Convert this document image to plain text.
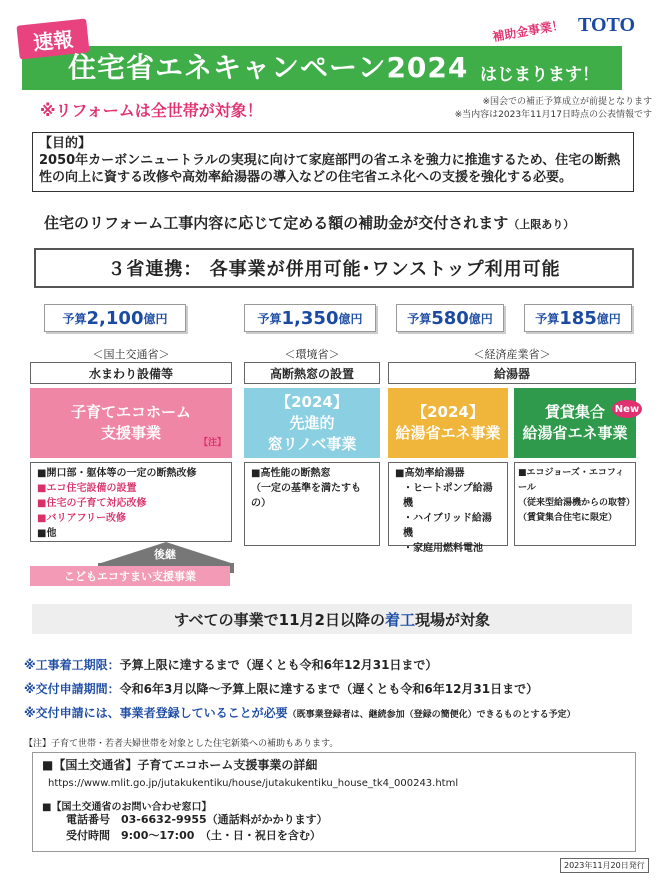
速報
住宅省エネキャンペーン2024 はじまります！
補助金事業！ TOTO
※リフォームは全世帯が対象！	※国会での補正予算成立が前提となります
※当内容は2023年11月17日時点の公表情報です
【目的】
2050年カーボンニュートラルの実現に向けて家庭部門の省エネを強力に推進するため、住宅の断熱性の向上に資する改修や高効率給湯器の導入などの住宅省エネ化への支援を強化する必要。
住宅のリフォーム工事内容に応じて定める額の補助金が交付されます（上限あり）
３省連携： 各事業が併用可能･ワンストップ利用可能
予算 2,100 億円	予算 1,350 億円	予算 580 億円	予算 185 億円
＜国土交通省＞	＜環境省＞	＜経済産業省＞
水まわり設備等	高断熱窓の設置	給湯器
子育てエコホーム
支援事業
【注】
【2024】
先進的
窓リノベ事業
【2024】
給湯省エネ事業
賃貸集合
給湯省エネ事業
New
■開口部・躯体等の一定の断熱改修
■エコ住宅設備の設置
■住宅の子育て対応改修
■バリアフリー改修
■他
■高性能の断熱窓
（一定の基準を満たすもの）
■高効率給湯器
・ヒートポンプ給湯機
・ハイブリッド給湯機
・家庭用燃料電池
■エコジョーズ・エコフィール
（従来型給湯機からの取替）
（賃貸集合住宅に限定）
後継
こどもエコすまい支援事業
すべての事業で11月2日以降の 着工 現場が対象
※工事着工期限：予算上限に達するまで（遅くとも令和6年12月31日まで）
※交付申請期間：令和6年3月以降～予算上限に達するまで（遅くとも令和6年12月31日まで）
※交付申請には、事業者登録していることが必要（既事業登録者は、継続参加（登録の簡便化）できるものとする予定）
【注】子育て世帯・若者夫婦世帯を対象とした住宅新築への補助もあります。
■【国土交通省】子育てエコホーム支援事業の詳細
https://www.mlit.go.jp/jutakukentiku/house/jutakukentiku_house_tk4_000243.html
■【国土交通省のお問い合わせ窓口】
電話番号　03-6632-9955（通話料がかかります）
受付時間　9:00～17:00　（土・日・祝日を含む）
2023年11月20日発行
